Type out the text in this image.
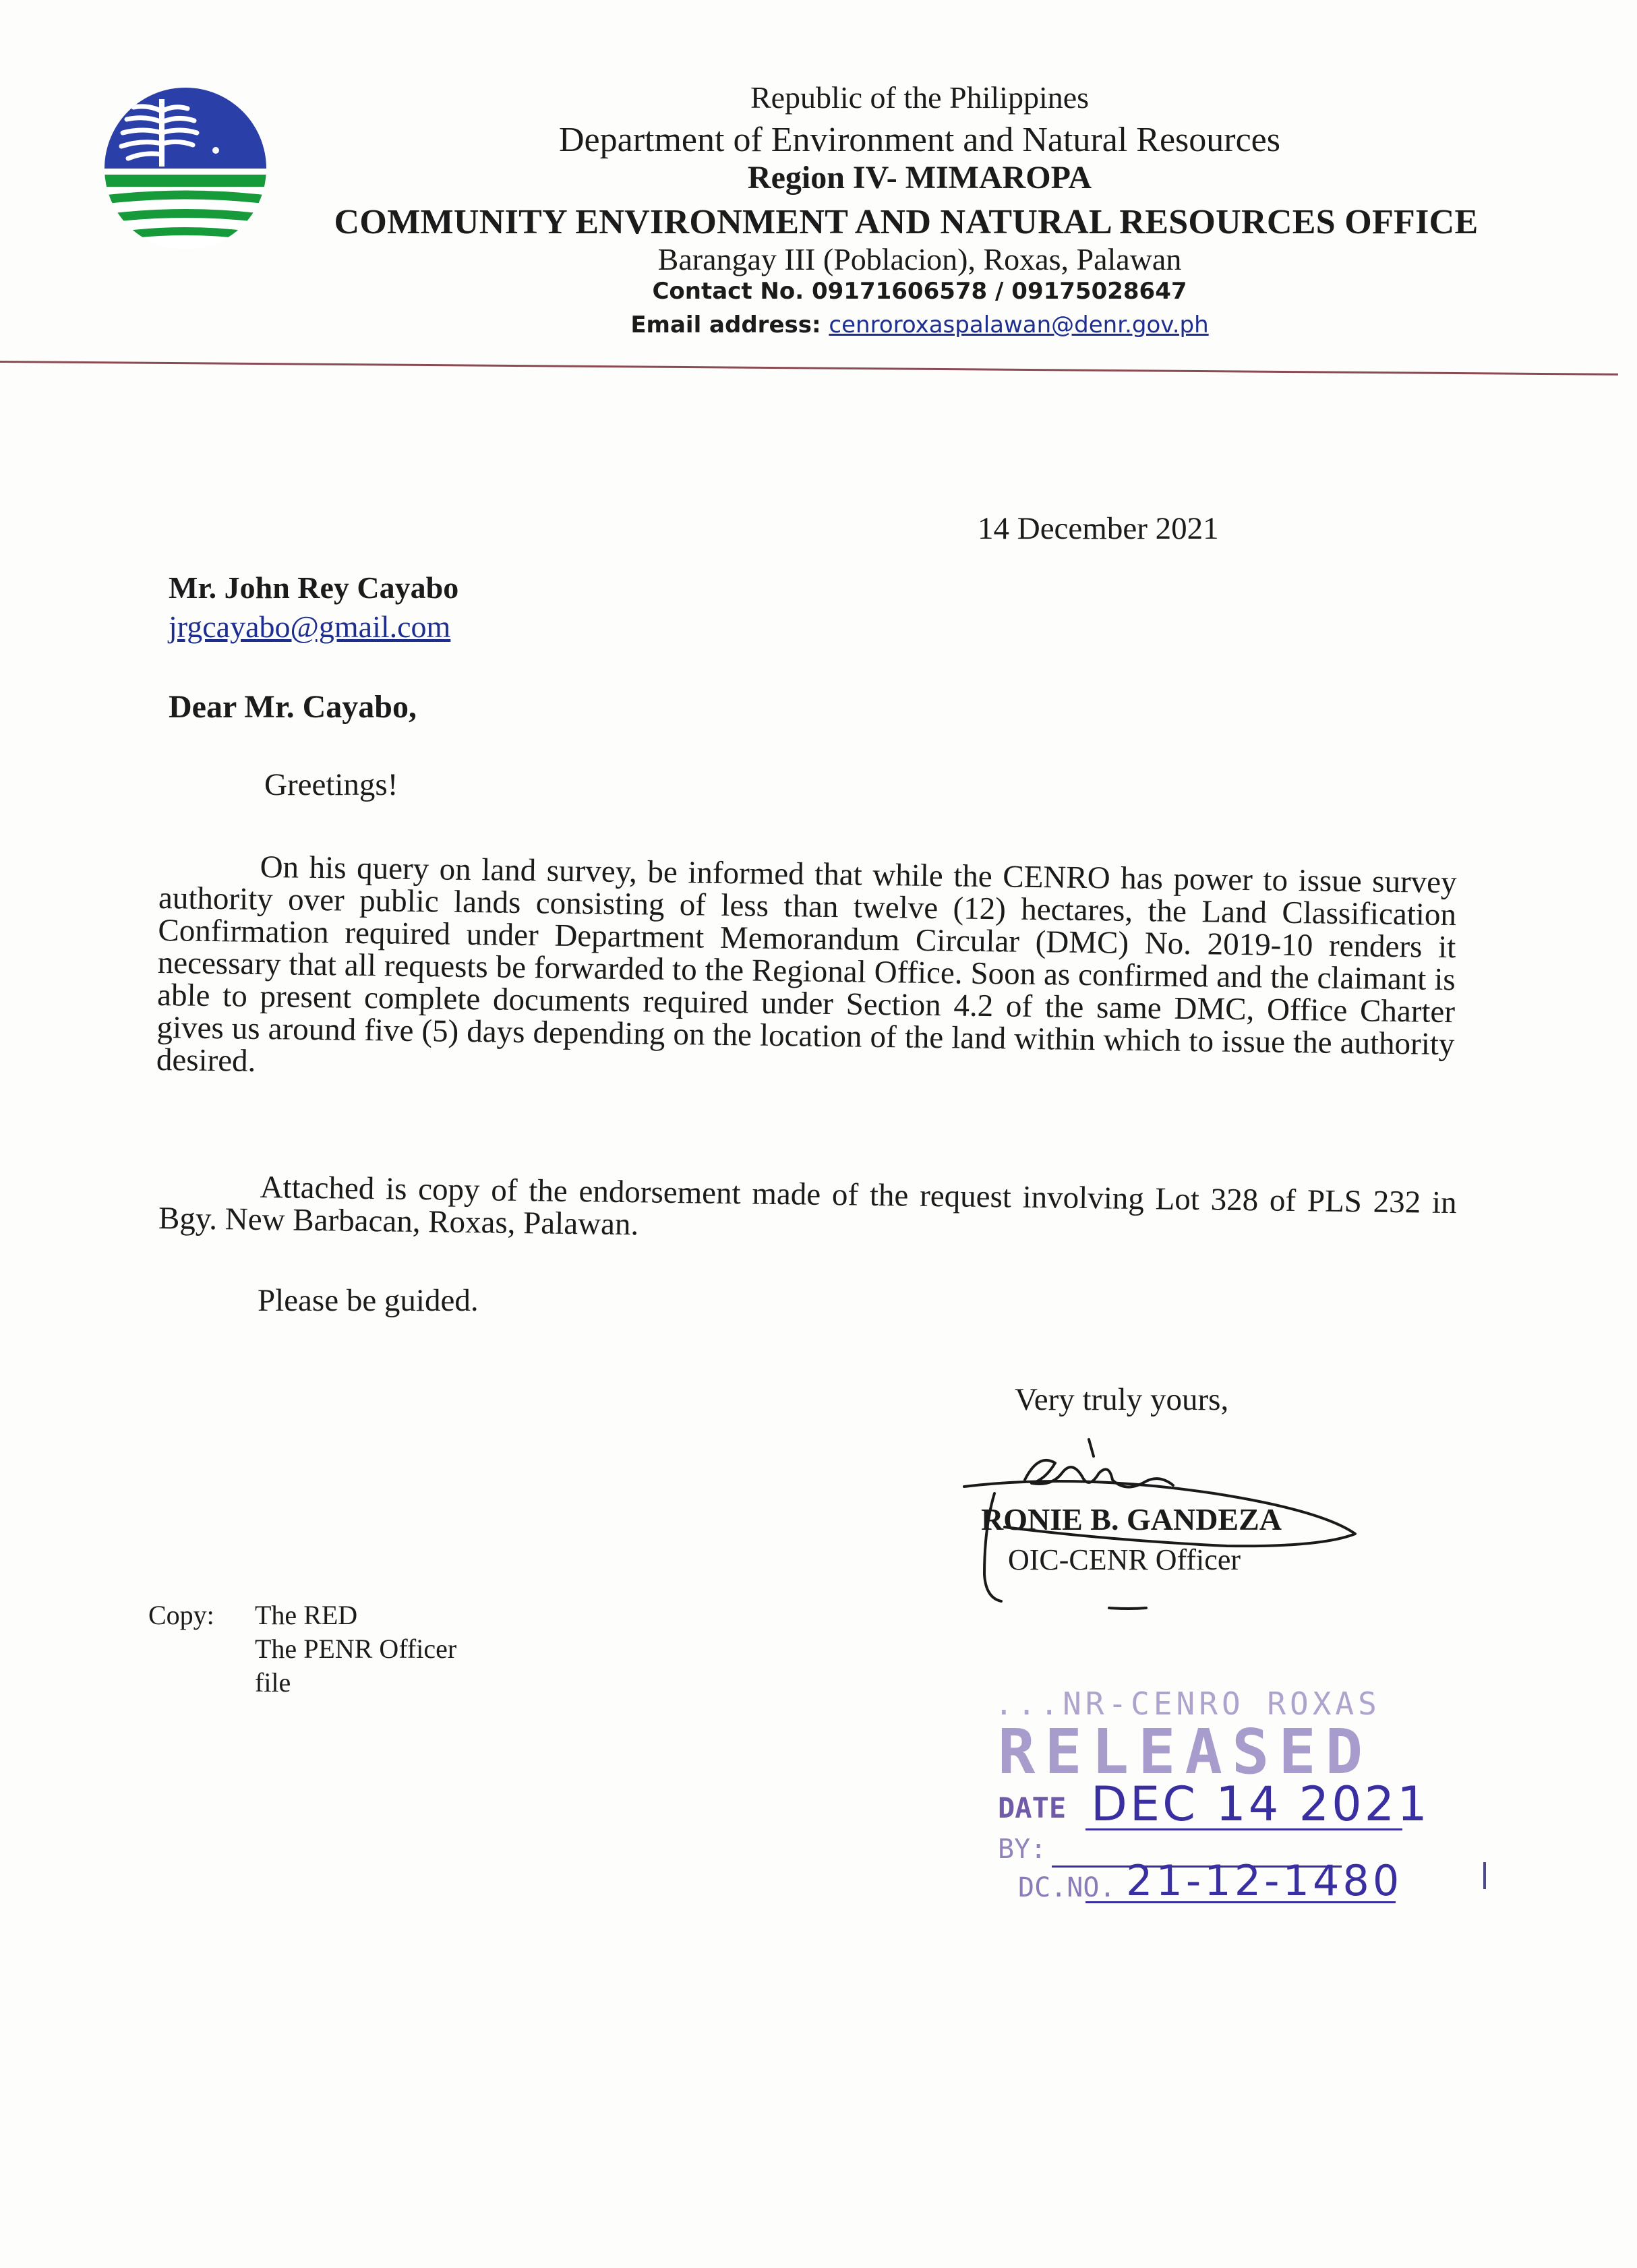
Republic of the Philippines
Department of Environment and Natural Resources
Region IV- MIMAROPA
COMMUNITY ENVIRONMENT AND NATURAL RESOURCES OFFICE
Barangay III (Poblacion), Roxas, Palawan
Contact No. 09171606578 / 09175028647
Email address: cenroroxaspalawan@denr.gov.ph
14 December 2021
Mr. John Rey Cayabo
jrgcayabo@gmail.com
Dear Mr. Cayabo,
Greetings!
On his query on land survey, be informed that while the CENRO has power to issue survey authority over public lands consisting of less than twelve (12) hectares, the Land Classification Confirmation required under Department Memorandum Circular (DMC) No. 2019-10 renders it necessary that all requests be forwarded to the Regional Office. Soon as confirmed and the claimant is able to present complete documents required under Section 4.2 of the same DMC, Office Charter gives us around five (5) days depending on the location of the land within which to issue the authority desired.
Attached is copy of the endorsement made of the request involving Lot 328 of PLS 232 in Bgy. New Barbacan, Roxas, Palawan.
Please be guided.
Very truly yours,
RONIE B. GANDEZA
OIC-CENR Officer
Copy: The RED
The PENR Officer
file
...NR-CENRO ROXAS
RELEASED
DATE DEC 14 2021
BY:
DC.NO. 21-12-1480
